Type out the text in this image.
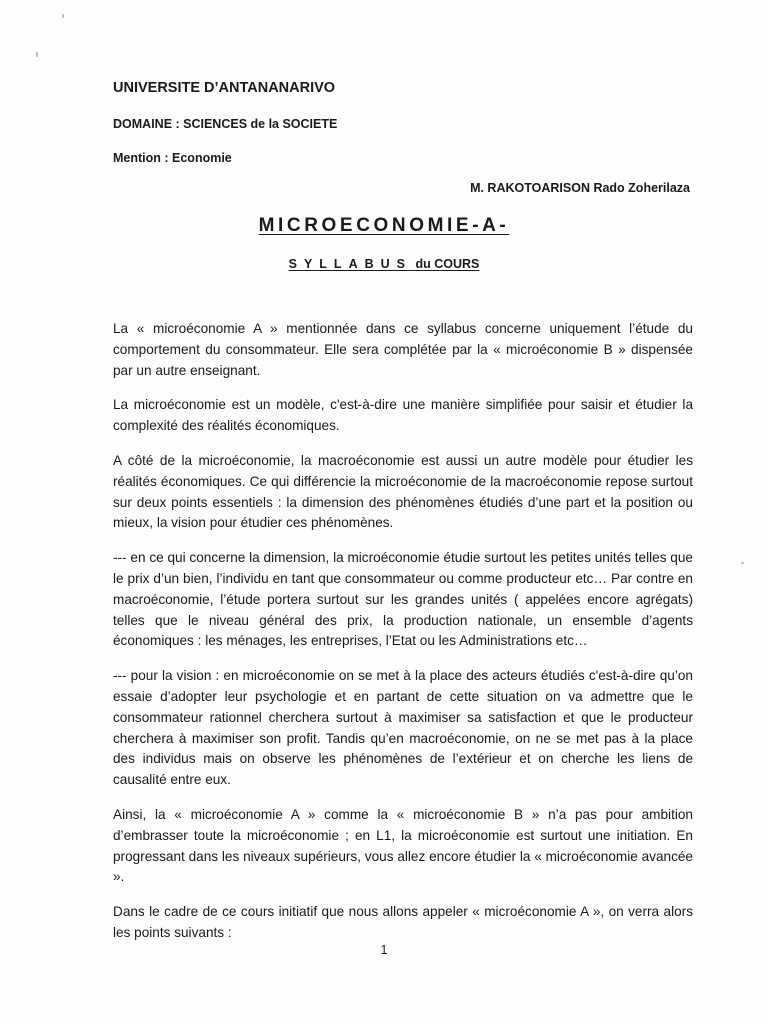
UNIVERSITE D’ANTANANARIVO
DOMAINE : SCIENCES de la SOCIETE
Mention : Economie
M. RAKOTOARISON Rado Zoherilaza
MICROECONOMIE-A-
SYLLABUS du COURS

La « microéconomie A » mentionnée dans ce syllabus concerne uniquement l’étude du comportement du consommateur. Elle sera complétée par la « microéconomie B » dispensée par un autre enseignant.

La microéconomie est un modèle, c'est-à-dire une manière simplifiée pour saisir et étudier la complexité des réalités économiques.

A côté de la microéconomie, la macroéconomie est aussi un autre modèle pour étudier les réalités économiques. Ce qui différencie la microéconomie de la macroéconomie repose surtout sur deux points essentiels : la dimension des phénomènes étudiés d’une part et la position ou mieux, la vision pour étudier ces phénomènes.

--- en ce qui concerne la dimension, la microéconomie étudie surtout les petites unités telles que le prix d’un bien, l’individu en tant que consommateur ou comme producteur etc… Par contre en macroéconomie, l’étude portera surtout sur les grandes unités ( appelées encore agrégats) telles que le niveau général des prix, la production nationale, un ensemble d’agents économiques : les ménages, les entreprises, l’Etat ou les Administrations etc…

--- pour la vision : en microéconomie on se met à la place des acteurs étudiés c'est-à-dire qu’on essaie d’adopter leur psychologie et en partant de cette situation on va admettre que le consommateur rationnel cherchera surtout à maximiser sa satisfaction et que le producteur cherchera à maximiser son profit. Tandis qu’en macroéconomie, on ne se met pas à la place des individus mais on observe les phénomènes de l’extérieur et on cherche les liens de causalité entre eux.

Ainsi, la « microéconomie A » comme la « microéconomie B » n’a pas pour ambition d’embrasser toute la microéconomie ; en L1, la microéconomie est surtout une initiation. En progressant dans les niveaux supérieurs, vous allez encore étudier la « microéconomie avancée ».

Dans le cadre de ce cours initiatif que nous allons appeler « microéconomie A », on verra alors les points suivants :

1
